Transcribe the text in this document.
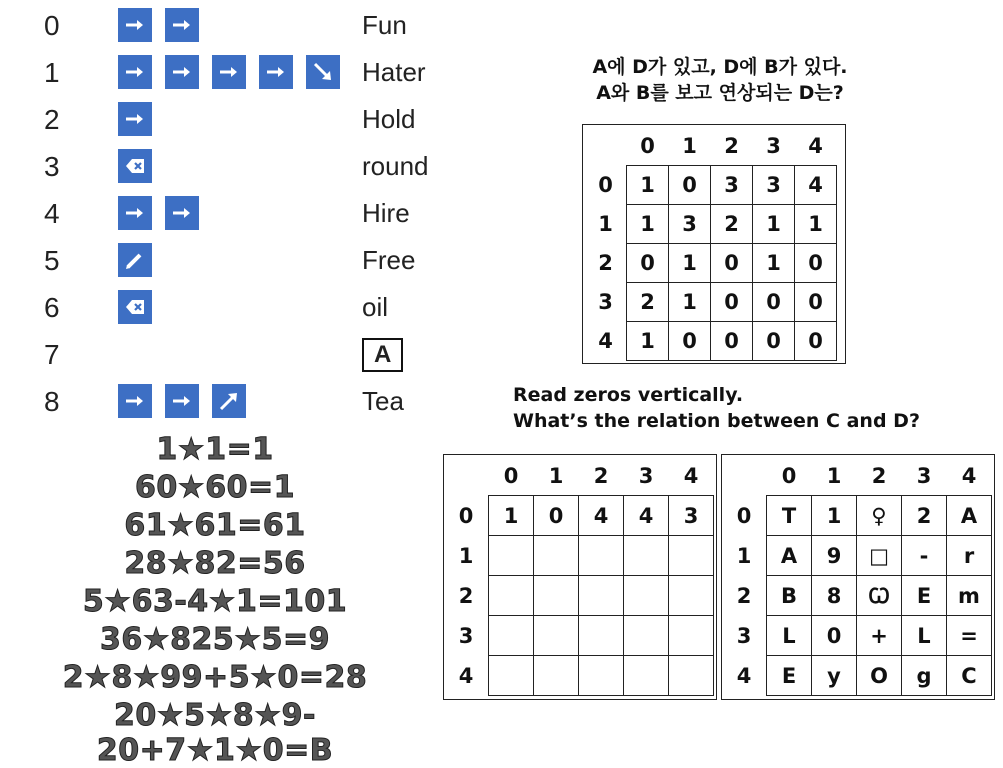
0	Fun
1	Hater
2	Hold
3	round
4	Hire
5	Free
6	oil
7	A
8	Tea
1★1=1
60★60=1
61★61=61
28★82=56
5★63-4★1=101
36★825★5=9
2★8★99+5★0=28
20★5★8★9-20+7★1★0=B
A에 D가 있고, D에 B가 있다.
A와 B를 보고 연상되는 D는?
Read zeros vertically.
What’s the relation between C and D?
	0	1	2	3	4
0	1	0	3	3	4
1	1	3	2	1	1
2	0	1	0	1	0
3	2	1	0	0	0
4	1	0	0	0	0
	0	1	2	3	4
0	1	0	4	4	3
1					
2					
3					
4					
	0	1	2	3	4
0	T	1	♀	2	A
1	A	9	□	-	r
2	B	8	Ꞷ	E	m
3	L	0	+	L	=
4	E	y	O	g	C
